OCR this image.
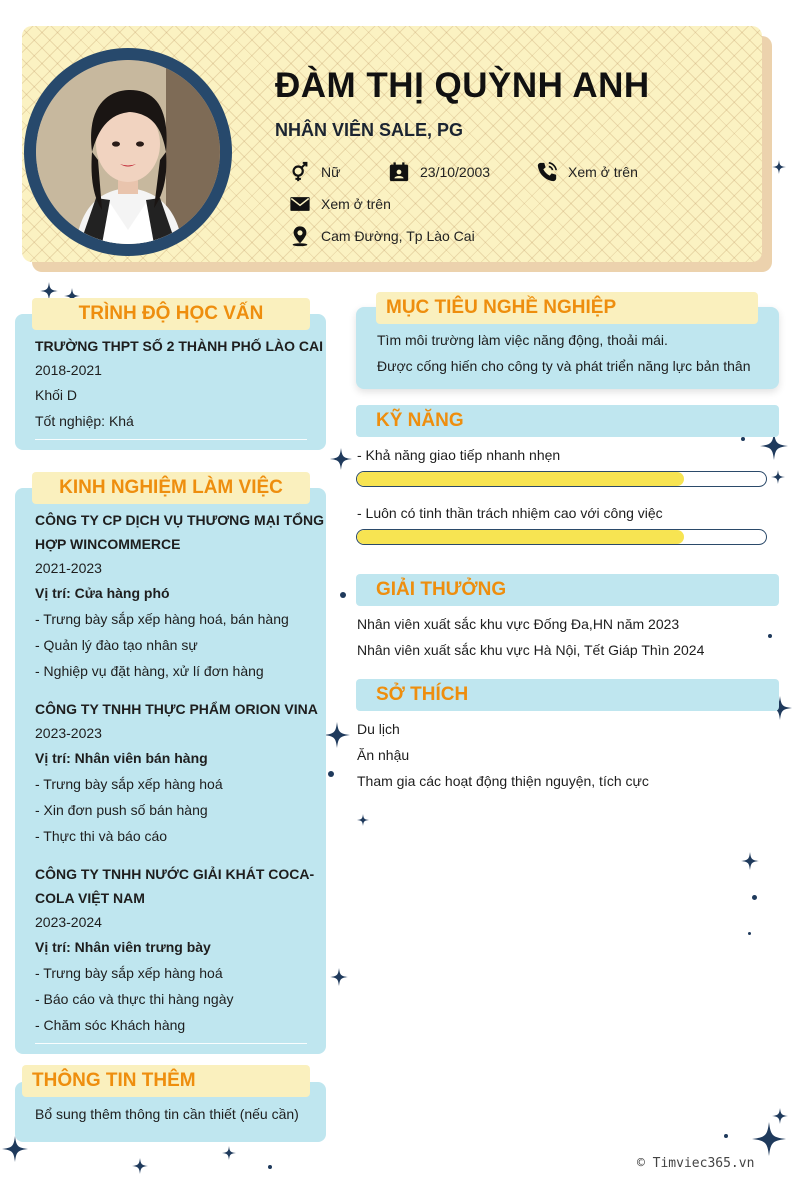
ĐÀM THỊ QUỲNH ANH
NHÂN VIÊN SALE, PG
Nữ	23/10/2003	Xem ở trên
Xem ở trên
Cam Đường, Tp Lào Cai
TRÌNH ĐỘ HỌC VẤN
TRƯỜNG THPT SỐ 2 THÀNH PHỐ LÀO CAI
2018-2021
Khối D
Tốt nghiệp: Khá
KINH NGHIỆM LÀM VIỆC
CÔNG TY CP DỊCH VỤ THƯƠNG MẠI TỔNG
HỢP WINCOMMERCE
2021-2023
Vị trí: Cửa hàng phó
- Trưng bày sắp xếp hàng hoá, bán hàng
- Quản lý đào tạo nhân sự
- Nghiệp vụ đặt hàng, xử lí đơn hàng
CÔNG TY TNHH THỰC PHẨM ORION VINA
2023-2023
Vị trí: Nhân viên bán hàng
- Trưng bày sắp xếp hàng hoá
- Xin đơn push số bán hàng
- Thực thi và báo cáo
CÔNG TY TNHH NƯỚC GIẢI KHÁT COCA-
COLA VIỆT NAM
2023-2024
Vị trí: Nhân viên trưng bày
- Trưng bày sắp xếp hàng hoá
- Báo cáo và thực thi hàng ngày
- Chăm sóc Khách hàng
THÔNG TIN THÊM
Bổ sung thêm thông tin cần thiết (nếu cần)
MỤC TIÊU NGHỀ NGHIỆP
Tìm môi trường làm việc năng động, thoải mái.
Được cống hiến cho công ty và phát triển năng lực bản thân
KỸ NĂNG
- Khả năng giao tiếp nhanh nhẹn
- Luôn có tinh thần trách nhiệm cao với công việc
GIẢI THƯỞNG
Nhân viên xuất sắc khu vực Đống Đa,HN năm 2023
Nhân viên xuất sắc khu vực Hà Nội, Tết Giáp Thìn 2024
SỞ THÍCH
Du lịch
Ăn nhậu
Tham gia các hoạt động thiện nguyện, tích cực
© Timviec365.vn
